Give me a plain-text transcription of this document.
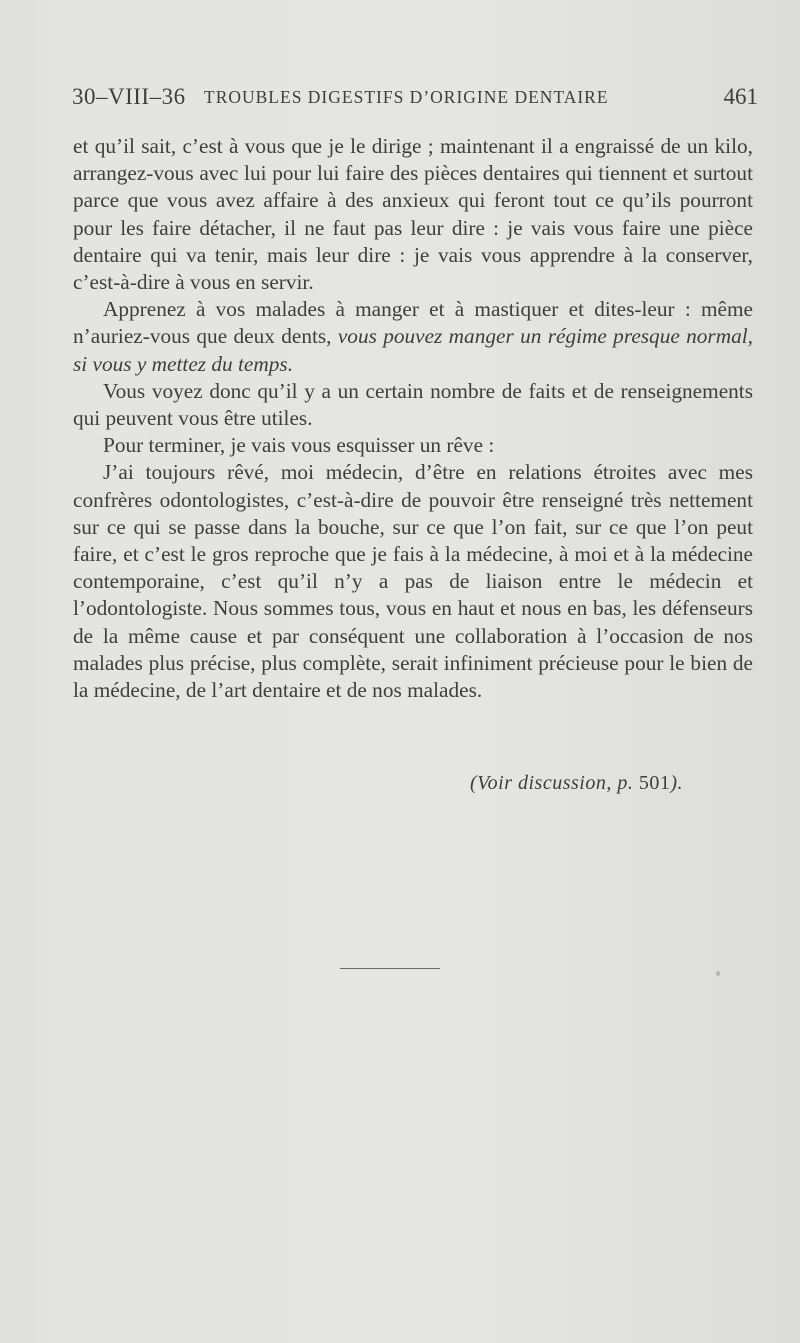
30–VIII–36 TROUBLES DIGESTIFS D’ORIGINE DENTAIRE	461

et qu’il sait, c’est à vous que je le dirige ; maintenant il a engraissé de un kilo, arrangez-vous avec lui pour lui faire des pièces dentaires qui tiennent et surtout parce que vous avez affaire à des anxieux qui feront tout ce qu’ils pourront pour les faire détacher, il ne faut pas leur dire : je vais vous faire une pièce dentaire qui va tenir, mais leur dire : je vais vous apprendre à la conserver, c’est-à-dire à vous en servir.

Apprenez à vos malades à manger et à mastiquer et dites-leur : même n’auriez-vous que deux dents, vous pouvez manger un régime presque normal, si vous y mettez du temps.

Vous voyez donc qu’il y a un certain nombre de faits et de renseignements qui peuvent vous être utiles.

Pour terminer, je vais vous esquisser un rêve :

J’ai toujours rêvé, moi médecin, d’être en relations étroites avec mes confrères odontologistes, c’est-à-dire de pouvoir être renseigné très nettement sur ce qui se passe dans la bouche, sur ce que l’on fait, sur ce que l’on peut faire, et c’est le gros reproche que je fais à la médecine, à moi et à la médecine contemporaine, c’est qu’il n’y a pas de liaison entre le médecin et l’odontologiste. Nous sommes tous, vous en haut et nous en bas, les défenseurs de la même cause et par conséquent une collaboration à l’occasion de nos malades plus précise, plus complète, serait infiniment précieuse pour le bien de la médecine, de l’art dentaire et de nos malades.

(Voir discussion, p. 501).
